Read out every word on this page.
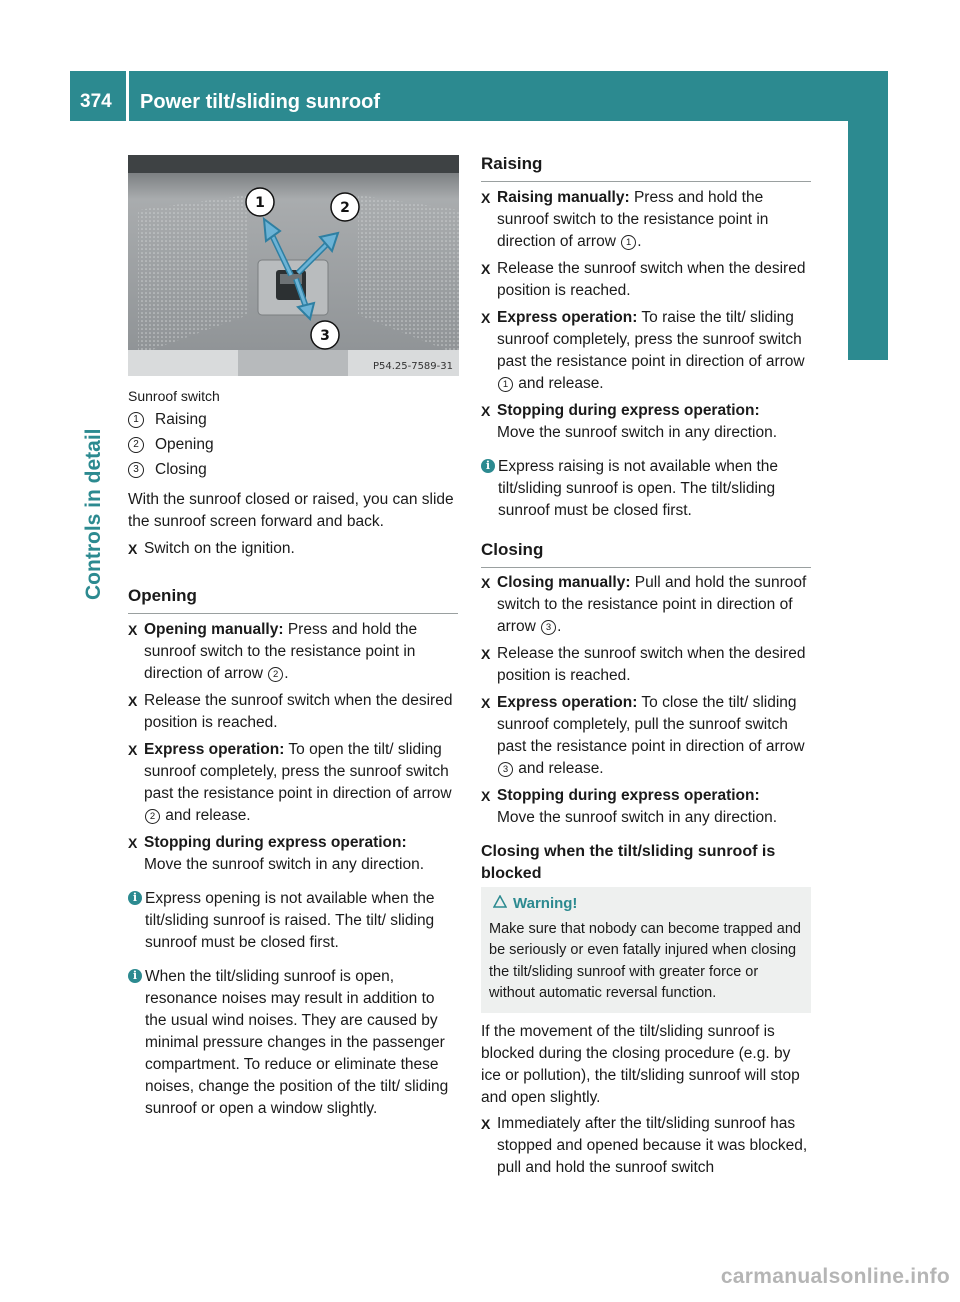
374 Power tilt/sliding sunroof
Controls in detail
1	2
3
P54.25-7589-31
Sunroof switch
1	Raising
2	Opening
3	Closing
With the sunroof closed or raised, you can slide the sunroof screen forward and back.
X Switch on the ignition.
Opening
X Opening manually: Press and hold the sunroof switch to the resistance point in direction of arrow 2 .
X Release the sunroof switch when the desired position is reached.
X Express operation: To open the tilt/ sliding sunroof completely, press the sunroof switch past the resistance point in direction of arrow 2 and release.
X Stopping during express operation:
Move the sunroof switch in any direction.
i Express opening is not available when the tilt/sliding sunroof is raised. The tilt/ sliding sunroof must be closed first.
i When the tilt/sliding sunroof is open, resonance noises may result in addition to the usual wind noises. They are caused by minimal pressure changes in the passenger compartment. To reduce or eliminate these noises, change the position of the tilt/ sliding sunroof or open a window slightly.
Raising
X Raising manually: Press and hold the sunroof switch to the resistance point in direction of arrow 1 .
X Release the sunroof switch when the desired position is reached.
X Express operation: To raise the tilt/ sliding sunroof completely, press the sunroof switch past the resistance point in direction of arrow 1 and release.
X Stopping during express operation:
Move the sunroof switch in any direction.
i Express raising is not available when the tilt/sliding sunroof is open. The tilt/sliding sunroof must be closed first.
Closing
X Closing manually: Pull and hold the sunroof switch to the resistance point in direction of arrow 3 .
X Release the sunroof switch when the desired position is reached.
X Express operation: To close the tilt/ sliding sunroof completely, pull the sunroof switch past the resistance point in direction of arrow 3 and release.
X Stopping during express operation:
Move the sunroof switch in any direction.
Closing when the tilt/sliding sunroof is blocked
Warning!
Make sure that nobody can become trapped and be seriously or even fatally injured when closing the tilt/sliding sunroof with greater force or without automatic reversal function.
If the movement of the tilt/sliding sunroof is blocked during the closing procedure (e.g. by ice or pollution), the tilt/sliding sunroof will stop and open slightly.
X Immediately after the tilt/sliding sunroof has stopped and opened because it was blocked, pull and hold the sunroof switch
carmanualsonline.info
